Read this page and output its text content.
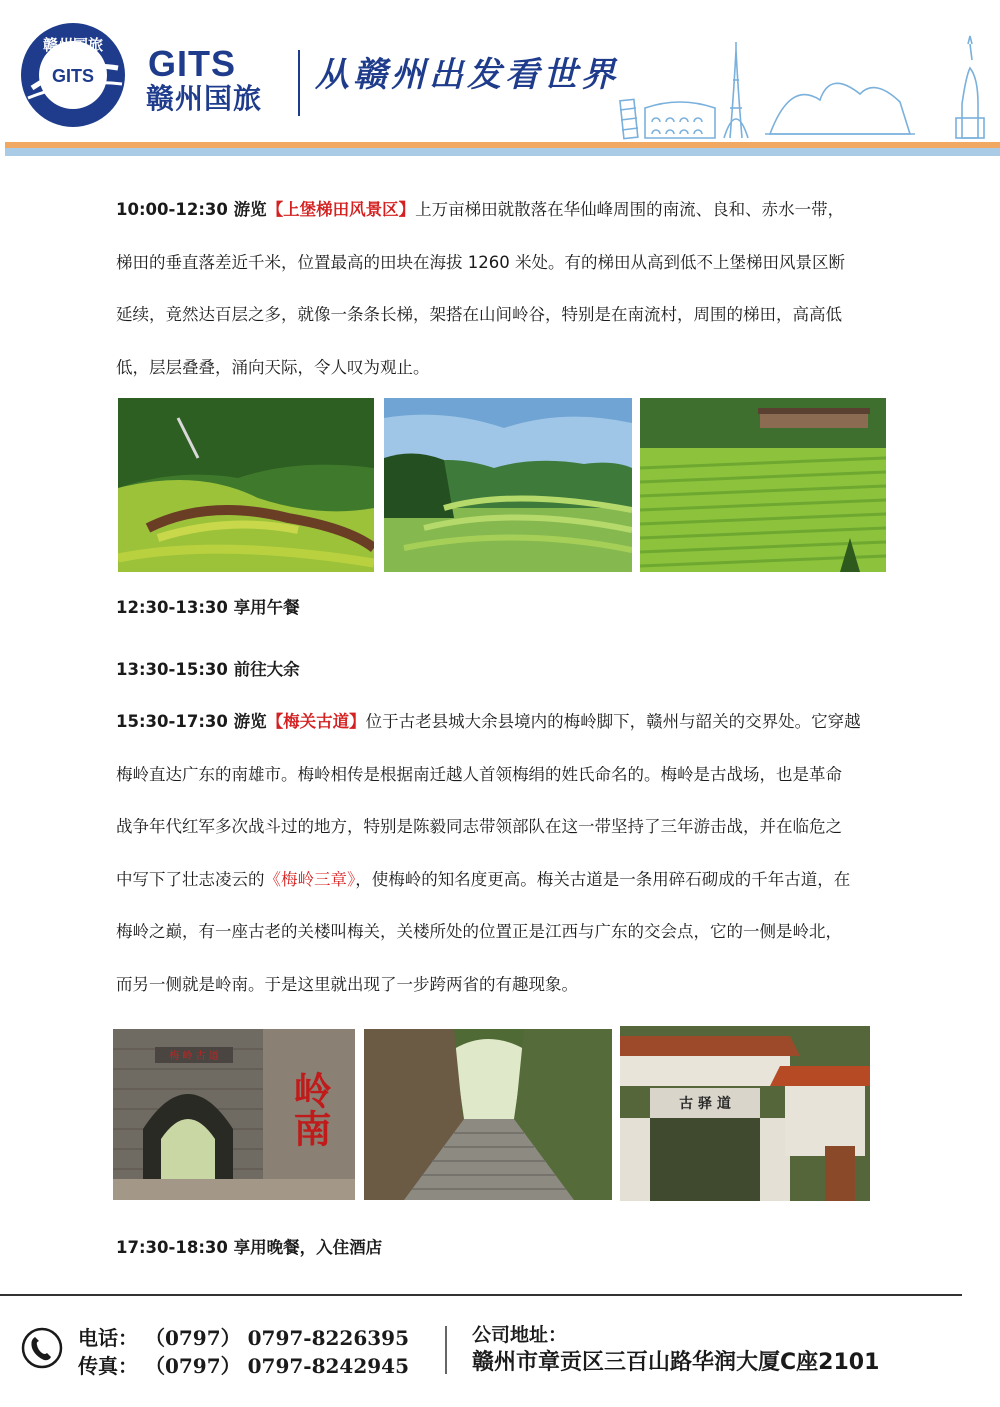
赣州国旅
GITS GITS
赣州国旅
从赣州出发看世界
10:00-12:30 游览【上堡梯田风景区】上万亩梯田就散落在华仙峰周围的南流、良和、赤水一带，
梯田的垂直落差近千米，位置最高的田块在海拔 1260 米处。有的梯田从高到低不上堡梯田风景区断
延续，竟然达百层之多，就像一条条长梯，架搭在山间岭谷，特别是在南流村，周围的梯田，高高低
低，层层叠叠，涌向天际，令人叹为观止。
12:30-13:30 享用午餐
13:30-15:30 前往大余
15:30-17:30 游览【梅关古道】位于古老县城大余县境内的梅岭脚下，赣州与韶关的交界处。它穿越
梅岭直达广东的南雄市。梅岭相传是根据南迁越人首领梅绢的姓氏命名的。梅岭是古战场，也是革命
战争年代红军多次战斗过的地方，特别是陈毅同志带领部队在这一带坚持了三年游击战，并在临危之
中写下了壮志凌云的《梅岭三章》，使梅岭的知名度更高。梅关古道是一条用碎石砌成的千年古道，在
梅岭之巅，有一座古老的关楼叫梅关，关楼所处的位置正是江西与广东的交会点，它的一侧是岭北，
而另一侧就是岭南。于是这里就出现了一步跨两省的有趣现象。
梅 岭 古 道
岭南	古 驿 道
17:30-18:30 享用晚餐，入住酒店
电话： （0797） 0797-8226395
传真： （0797） 0797-8242945
公司地址：
赣州市章贡区三百山路华润大厦C座2101
